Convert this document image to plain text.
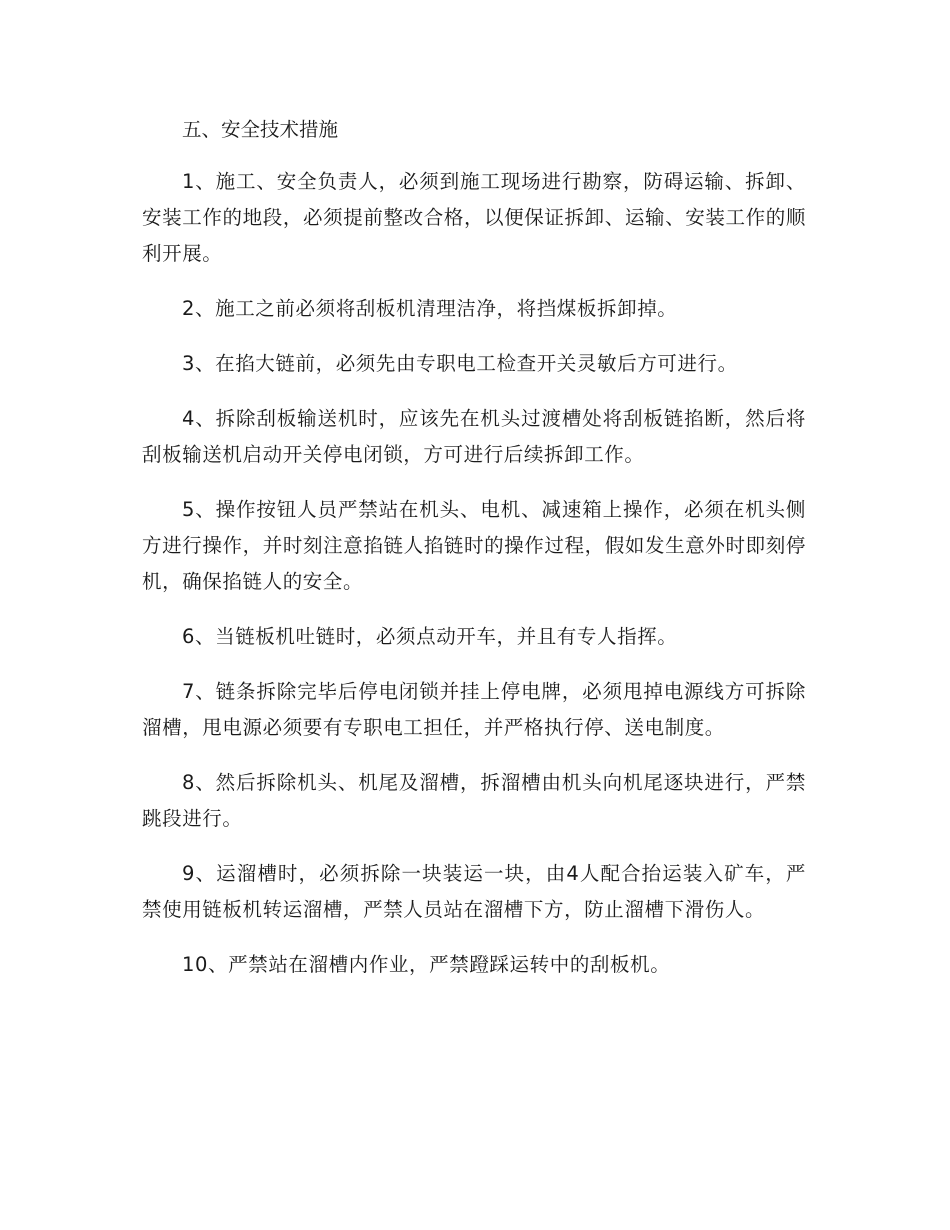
五、安全技术措施

1、施工、安全负责人，必须到施工现场进行勘察，防碍运输、拆卸、安装工作的地段，必须提前整改合格，以便保证拆卸、运输、安装工作的顺利开展。

2、施工之前必须将刮板机清理洁净，将挡煤板拆卸掉。

3、在掐大链前，必须先由专职电工检查开关灵敏后方可进行。

4、拆除刮板输送机时，应该先在机头过渡槽处将刮板链掐断，然后将刮板输送机启动开关停电闭锁，方可进行后续拆卸工作。

5、操作按钮人员严禁站在机头、电机、减速箱上操作，必须在机头侧方进行操作，并时刻注意掐链人掐链时的操作过程，假如发生意外时即刻停机，确保掐链人的安全。

6、当链板机吐链时，必须点动开车，并且有专人指挥。

7、链条拆除完毕后停电闭锁并挂上停电牌，必须甩掉电源线方可拆除溜槽，甩电源必须要有专职电工担任，并严格执行停、送电制度。

8、然后拆除机头、机尾及溜槽，拆溜槽由机头向机尾逐块进行，严禁跳段进行。

9、运溜槽时，必须拆除一块装运一块，由4人配合抬运装入矿车，严禁使用链板机转运溜槽，严禁人员站在溜槽下方，防止溜槽下滑伤人。

10、严禁站在溜槽内作业，严禁蹬踩运转中的刮板机。
